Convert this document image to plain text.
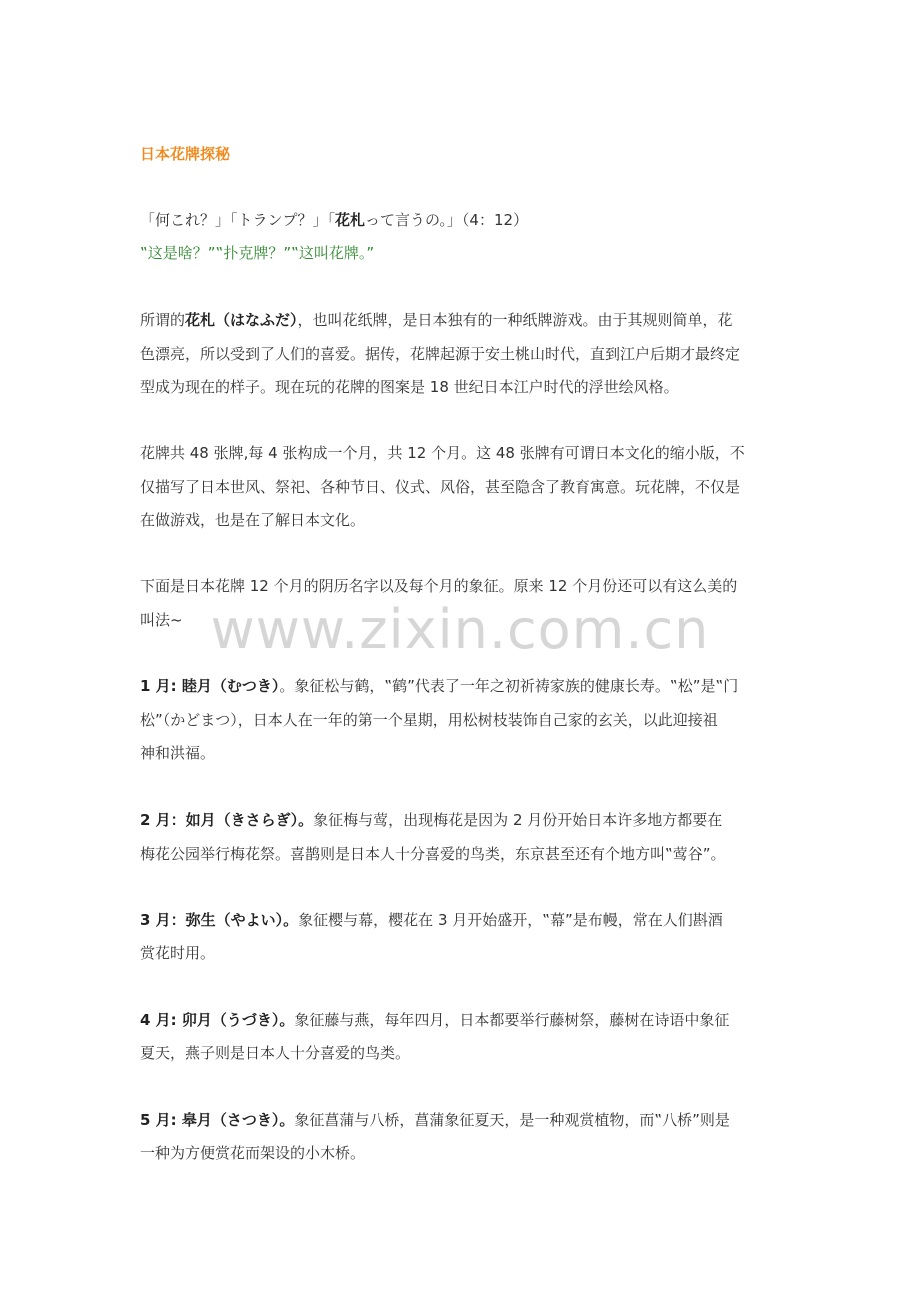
日本花牌探秘
「何これ？」「トランプ？」「花札って言うの。」（4：12）
‟这是啥？”‟扑克牌？”‟这叫花牌。”
所谓的花札（はなふだ），也叫花纸牌，是日本独有的一种纸牌游戏。由于其规则简单，花
色漂亮，所以受到了人们的喜爱。据传，花牌起源于安土桃山时代，直到江户后期才最终定
型成为现在的样子。现在玩的花牌的图案是 18 世纪日本江户时代的浮世绘风格。
花牌共 48 张牌,每 4 张构成一个月，共 12 个月。这 48 张牌有可谓日本文化的缩小版，不
仅描写了日本世风、祭祀、各种节日、仪式、风俗，甚至隐含了教育寓意。玩花牌，不仅是
在做游戏，也是在了解日本文化。
下面是日本花牌 12 个月的阴历名字以及每个月的象征。原来 12 个月份还可以有这么美的
叫法~
1 月: 睦月（むつき）。象征松与鹤，‟鹤”代表了一年之初祈祷家族的健康长寿。‟松”是‟门
松”（かどまつ），日本人在一年的第一个星期，用松树枝装饰自己家的玄关，以此迎接祖
神和洪福。
2 月：如月（きさらぎ）。象征梅与莺，出现梅花是因为 2 月份开始日本许多地方都要在
梅花公园举行梅花祭。喜鹊则是日本人十分喜爱的鸟类，东京甚至还有个地方叫‟莺谷”。
3 月：弥生（やよい）。象征樱与幕，樱花在 3 月开始盛开，‟幕”是布幔，常在人们斟酒
赏花时用。
4 月: 卯月（うづき）。象征藤与燕，每年四月，日本都要举行藤树祭，藤树在诗语中象征
夏天，燕子则是日本人十分喜爱的鸟类。
5 月: 皋月（さつき）。象征菖蒲与八桥，菖蒲象征夏天，是一种观赏植物，而‟八桥”则是
一种为方便赏花而架设的小木桥。
www.zixin.com.cn
